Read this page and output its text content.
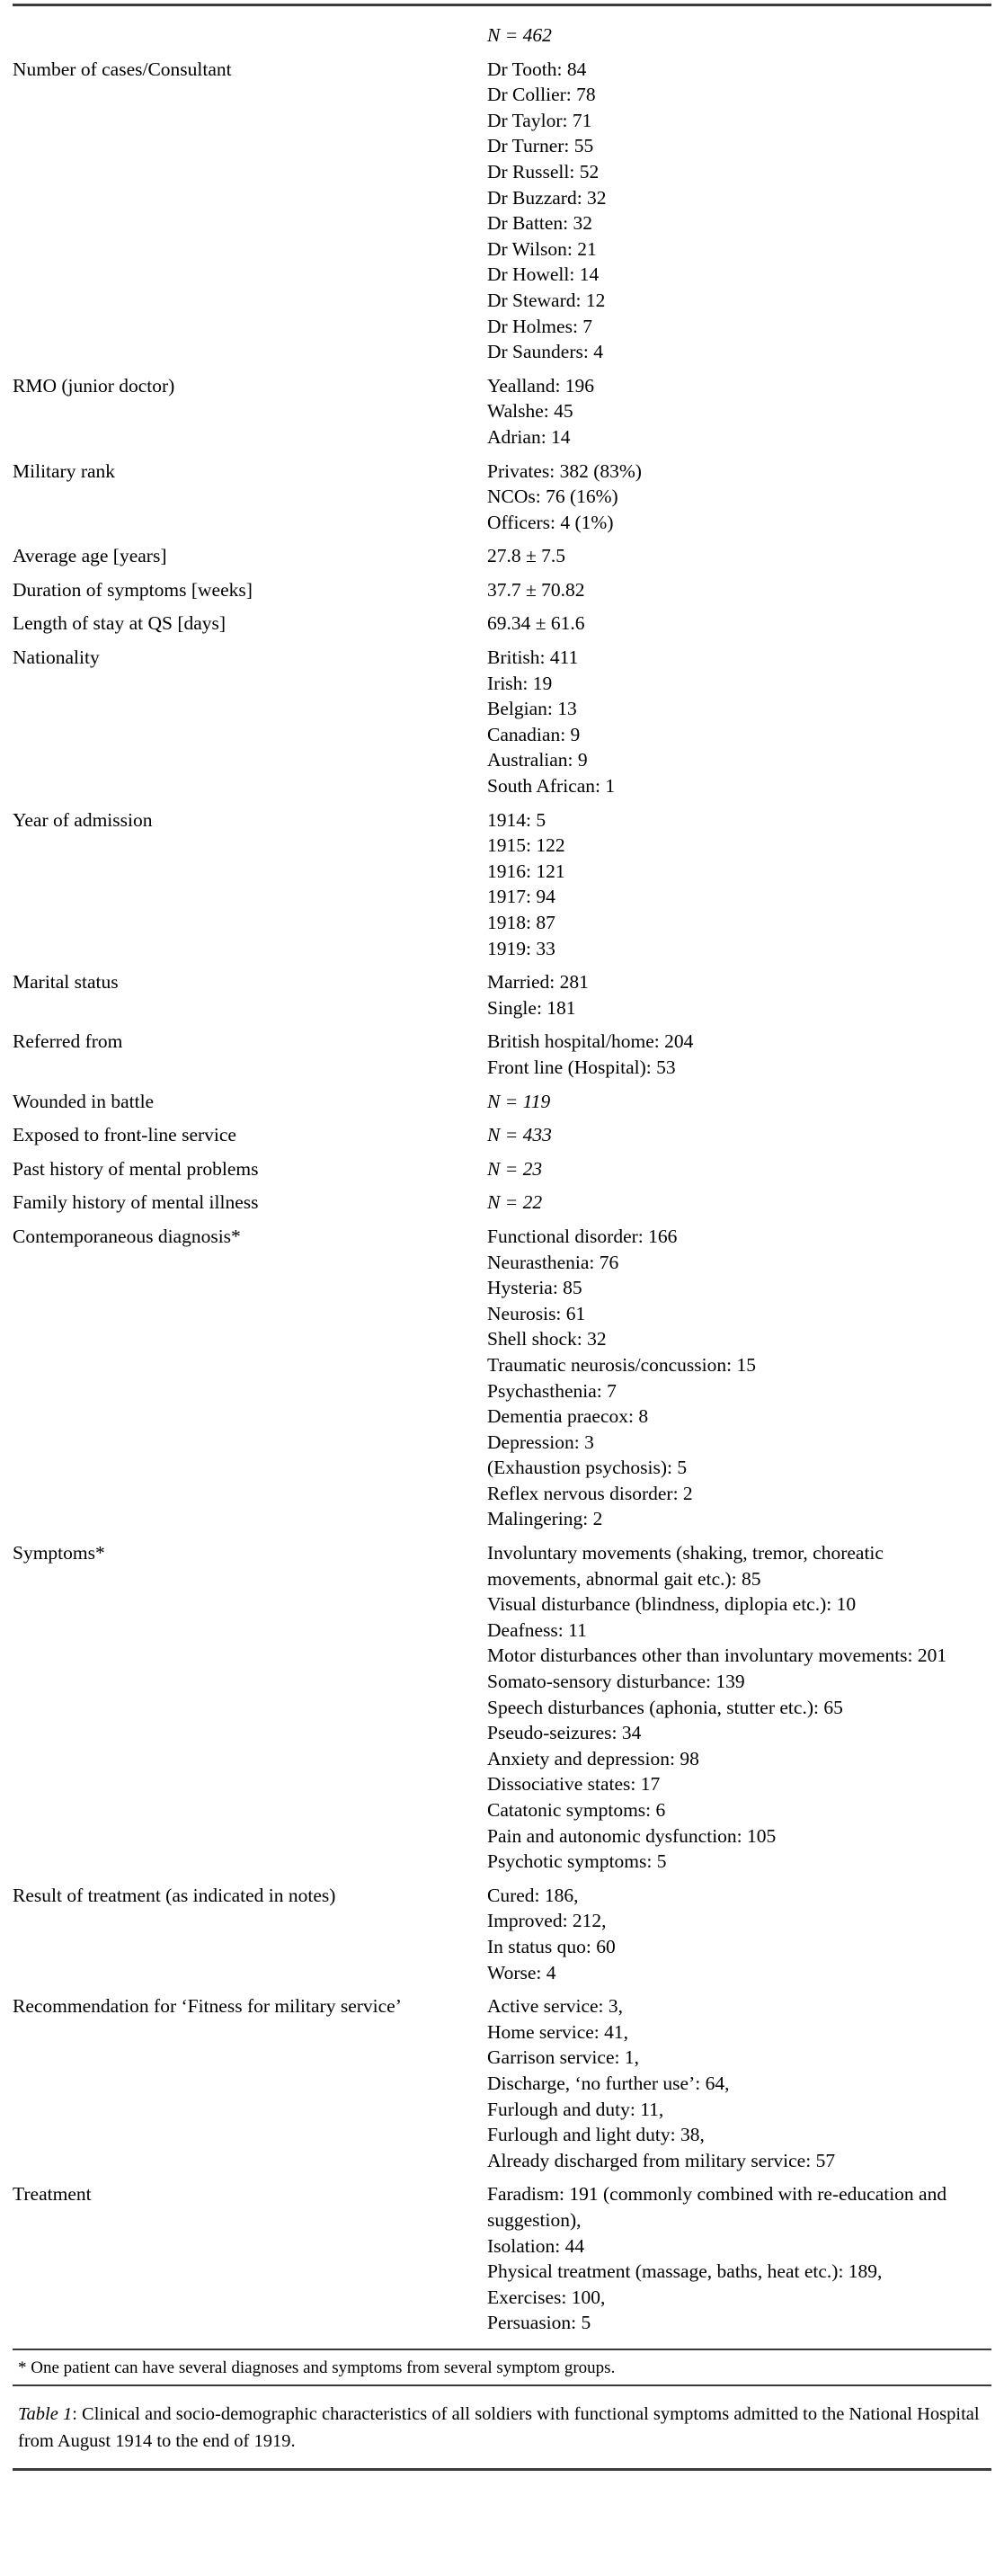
	N = 462

Number of cases/Consultant	Dr Tooth: 84
Dr Collier: 78
Dr Taylor: 71
Dr Turner: 55
Dr Russell: 52
Dr Buzzard: 32
Dr Batten: 32
Dr Wilson: 21
Dr Howell: 14
Dr Steward: 12
Dr Holmes: 7
Dr Saunders: 4

RMO (junior doctor)	Yealland: 196
Walshe: 45
Adrian: 14

Military rank	Privates: 382 (83%)
NCOs: 76 (16%)
Officers: 4 (1%)

Average age [years]	27.8 ± 7.5

Duration of symptoms [weeks]	37.7 ± 70.82

Length of stay at QS [days]	69.34 ± 61.6

Nationality	British: 411
Irish: 19
Belgian: 13
Canadian: 9
Australian: 9
South African: 1

Year of admission	1914: 5
1915: 122
1916: 121
1917: 94
1918: 87
1919: 33

Marital status	Married: 281
Single: 181

Referred from	British hospital/home: 204
Front line (Hospital): 53

Wounded in battle	N = 119

Exposed to front-line service	N = 433

Past history of mental problems	N = 23

Family history of mental illness	N = 22

Contemporaneous diagnosis*	Functional disorder: 166
Neurasthenia: 76
Hysteria: 85
Neurosis: 61
Shell shock: 32
Traumatic neurosis/concussion: 15
Psychasthenia: 7
Dementia praecox: 8
Depression: 3
(Exhaustion psychosis): 5
Reflex nervous disorder: 2
Malingering: 2

Symptoms*	Involuntary movements (shaking, tremor, choreatic movements, abnormal gait etc.): 85
Visual disturbance (blindness, diplopia etc.): 10
Deafness: 11
Motor disturbances other than involuntary movements: 201
Somato-sensory disturbance: 139
Speech disturbances (aphonia, stutter etc.): 65
Pseudo-seizures: 34
Anxiety and depression: 98
Dissociative states: 17
Catatonic symptoms: 6
Pain and autonomic dysfunction: 105
Psychotic symptoms: 5

Result of treatment (as indicated in notes)	Cured: 186,
Improved: 212,
In status quo: 60
Worse: 4

Recommendation for ‘Fitness for military service’	Active service: 3,
Home service: 41,
Garrison service: 1,
Discharge, ‘no further use’: 64,
Furlough and duty: 11,
Furlough and light duty: 38,
Already discharged from military service: 57

Treatment	Faradism: 191 (commonly combined with re-education and suggestion),
Isolation: 44
Physical treatment (massage, baths, heat etc.): 189,
Exercises: 100,
Persuasion: 5
* One patient can have several diagnoses and symptoms from several symptom groups.
Table 1: Clinical and socio-demographic characteristics of all soldiers with functional symptoms admitted to the National Hospital from August 1914 to the end of 1919.
